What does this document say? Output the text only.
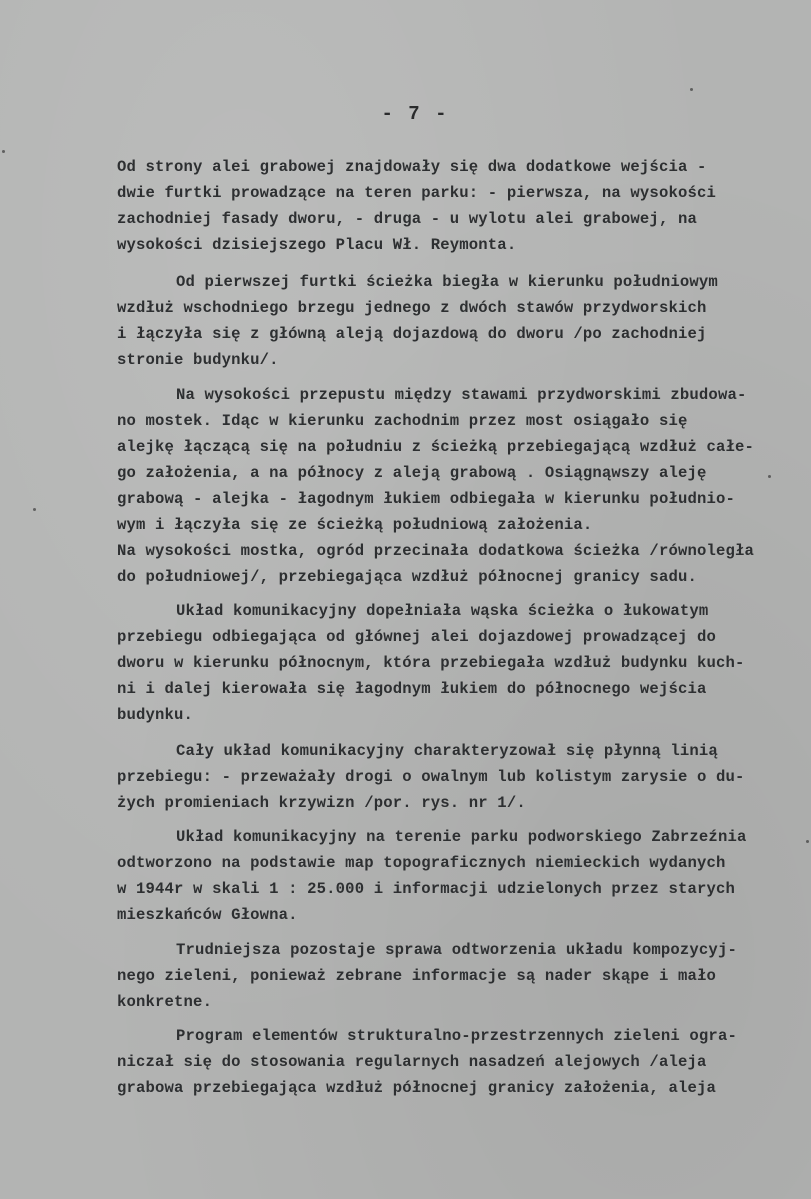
- 7 -

Od strony alei grabowej znajdowały się dwa dodatkowe wejścia -

dwie furtki prowadzące na teren parku: - pierwsza, na wysokości

zachodniej fasady dworu, - druga - u wylotu alei grabowej, na

wysokości dzisiejszego Placu Wł. Reymonta.

Od pierwszej furtki ścieżka biegła w kierunku południowym

wzdłuż wschodniego brzegu jednego z dwóch stawów przydworskich

i łączyła się z główną aleją dojazdową do dworu /po zachodniej

stronie budynku/.

Na wysokości przepustu między stawami przydworskimi zbudowa-

no mostek. Idąc w kierunku zachodnim przez most osiągało się

alejkę łączącą się na południu z ścieżką przebiegającą wzdłuż całe-

go założenia, a na północy z aleją grabową . Osiągnąwszy aleję

grabową - alejka - łagodnym łukiem odbiegała w kierunku południo-

wym i łączyła się ze ścieżką południową założenia.

Na wysokości mostka, ogród przecinała dodatkowa ścieżka /równoległa

do południowej/, przebiegająca wzdłuż północnej granicy sadu.

Układ komunikacyjny dopełniała wąska ścieżka o łukowatym

przebiegu odbiegająca od głównej alei dojazdowej prowadzącej do

dworu w kierunku północnym, która przebiegała wzdłuż budynku kuch-

ni i dalej kierowała się łagodnym łukiem do północnego wejścia

budynku.

Cały układ komunikacyjny charakteryzował się płynną linią

przebiegu: - przeważały drogi o owalnym lub kolistym zarysie o du-

żych promieniach krzywizn /por. rys. nr 1/.

Układ komunikacyjny na terenie parku podworskiego Zabrzeźnia

odtworzono na podstawie map topograficznych niemieckich wydanych

w 1944r w skali 1 : 25.000 i informacji udzielonych przez starych

mieszkańców Głowna.

Trudniejsza pozostaje sprawa odtworzenia układu kompozycyj-

nego zieleni, ponieważ zebrane informacje są nader skąpe i mało

konkretne.

Program elementów strukturalno-przestrzennych zieleni ogra-

niczał się do stosowania regularnych nasadzeń alejowych /aleja

grabowa przebiegająca wzdłuż północnej granicy założenia, aleja
